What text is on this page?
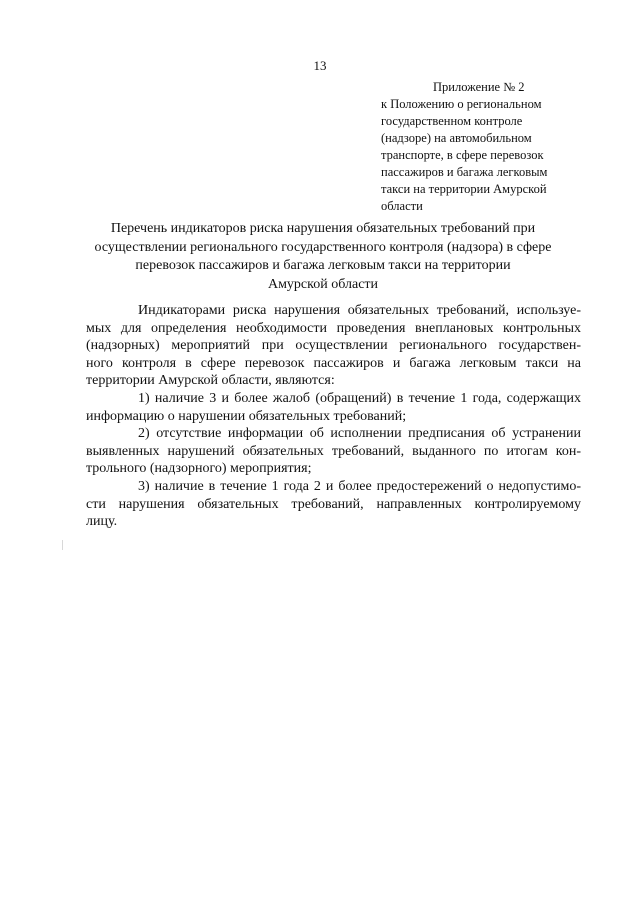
13
Приложение № 2
к Положению о региональном
государственном контроле
(надзоре) на автомобильном
транспорте, в сфере перевозок
пассажиров и багажа легковым
такси на территории Амурской
области
Перечень индикаторов риска нарушения обязательных требований при
осуществлении регионального государственного контроля (надзора) в сфере
перевозок пассажиров и багажа легковым такси на территории
Амурской области
Индикаторами риска нарушения обязательных требований, используе-
мых для определения необходимости проведения внеплановых контрольных
(надзорных) мероприятий при осуществлении регионального государствен-
ного контроля в сфере перевозок пассажиров и багажа легковым такси на
территории Амурской области, являются:
1) наличие 3 и более жалоб (обращений) в течение 1 года, содержащих
информацию о нарушении обязательных требований;
2) отсутствие информации об исполнении предписания об устранении
выявленных нарушений обязательных требований, выданного по итогам кон-
трольного (надзорного) мероприятия;
3) наличие в течение 1 года 2 и более предостережений о недопустимо-
сти нарушения обязательных требований, направленных контролируемому
лицу.
